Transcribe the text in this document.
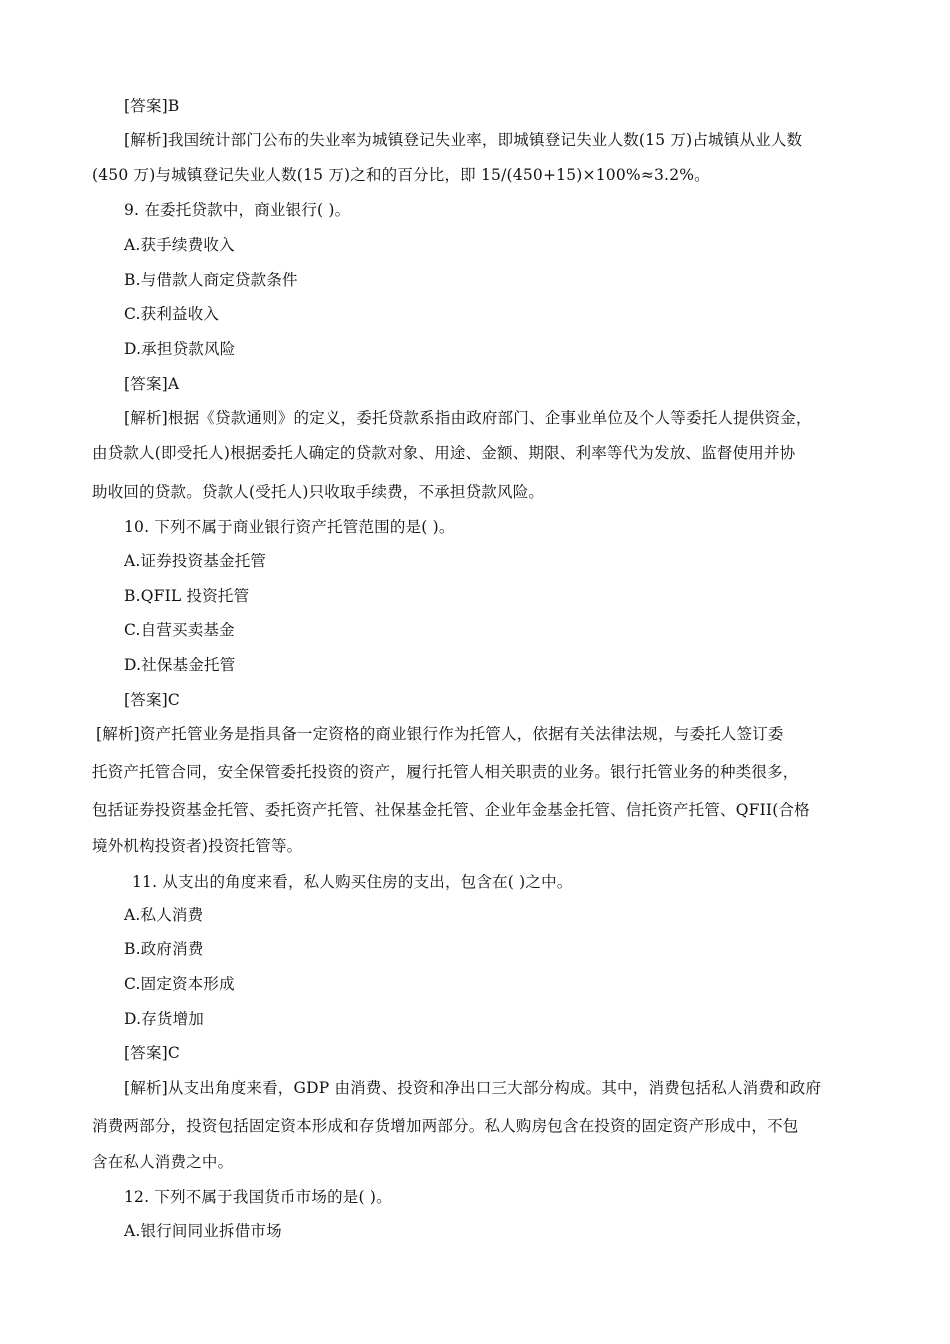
[答案]B
[解析]我国统计部门公布的失业率为城镇登记失业率，即城镇登记失业人数(15 万)占城镇从业人数
(450 万)与城镇登记失业人数(15 万)之和的百分比，即 15/(450+15)×100%≈3.2%。
9. 在委托贷款中，商业银行( )。
A.获手续费收入
B.与借款人商定贷款条件
C.获利益收入
D.承担贷款风险
[答案]A
[解析]根据《贷款通则》的定义，委托贷款系指由政府部门、企事业单位及个人等委托人提供资金，
由贷款人(即受托人)根据委托人确定的贷款对象、用途、金额、期限、利率等代为发放、监督使用并协
助收回的贷款。贷款人(受托人)只收取手续费，不承担贷款风险。
10. 下列不属于商业银行资产托管范围的是( )。
A.证券投资基金托管
B.QFIL 投资托管
C.自营买卖基金
D.社保基金托管
[答案]C
[解析]资产托管业务是指具备一定资格的商业银行作为托管人，依据有关法律法规，与委托人签订委
托资产托管合同，安全保管委托投资的资产，履行托管人相关职责的业务。银行托管业务的种类很多，
包括证券投资基金托管、委托资产托管、社保基金托管、企业年金基金托管、信托资产托管、QFII(合格
境外机构投资者)投资托管等。
11. 从支出的角度来看，私人购买住房的支出，包含在( )之中。
A.私人消费
B.政府消费
C.固定资本形成
D.存货增加
[答案]C
[解析]从支出角度来看，GDP 由消费、投资和净出口三大部分构成。其中，消费包括私人消费和政府
消费两部分，投资包括固定资本形成和存货增加两部分。私人购房包含在投资的固定资产形成中，不包
含在私人消费之中。
12. 下列不属于我国货币市场的是( )。
A.银行间同业拆借市场
